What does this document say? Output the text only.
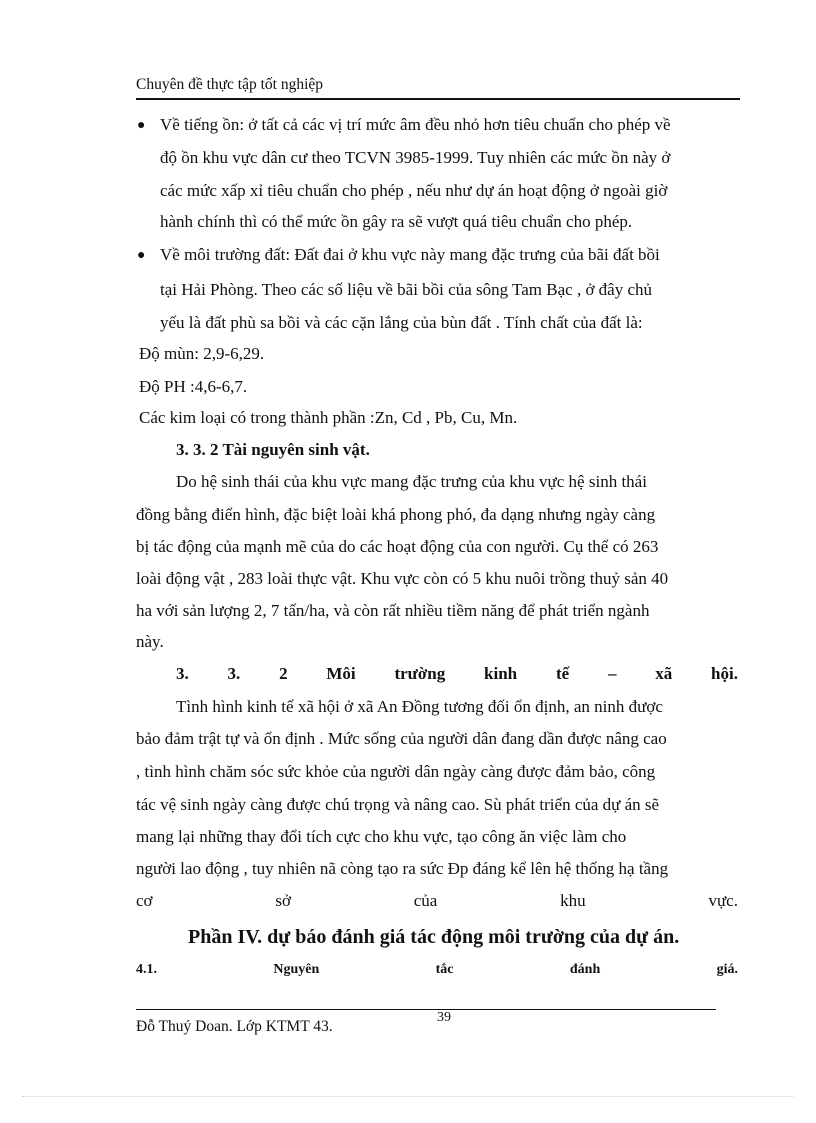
Chuyên đề thực tập tốt nghiệp
● Về tiếng ồn: ở tất cả các vị trí mức âm đều nhỏ hơn tiêu chuẩn cho phép về
độ ồn khu vực dân cư theo TCVN 3985-1999. Tuy nhiên các mức ồn này ở
các mức xấp xỉ tiêu chuẩn cho phép , nếu như dự án hoạt động ở ngoài giờ
hành chính thì có thể mức ồn gây ra sẽ vượt quá tiêu chuẩn cho phép.
● Về môi trường đất: Đất đai ở khu vực này mang đặc trưng của bãi đất bồi
tại Hải Phòng. Theo các số liệu về bãi bồi của sông Tam Bạc , ở đây chủ
yếu là đất phù sa bồi và các cặn lắng của bùn đất . Tính chất của đất là:
Độ mùn: 2,9-6,29.
Độ PH :4,6-6,7.
Các kim loại có trong thành phần :Zn, Cd , Pb, Cu, Mn.
3. 3. 2 Tài nguyên sinh vật.
Do hệ sinh thái của khu vực mang đặc trưng của khu vực hệ sinh thái
đồng bằng điển hình, đặc biệt loài khá phong phó, đa dạng nhưng ngày càng
bị tác động của mạnh mẽ của do các hoạt động của con người. Cụ thể có 263
loài động vật , 283 loài thực vật. Khu vực còn có 5 khu nuôi trồng thuỷ sản 40
ha với sản lượng 2, 7 tấn/ha, và còn rất nhiều tiềm năng để phát triển ngành
này.
3. 3. 2 Môi trường kinh tế – xã hội.
Tình hình kinh tế xã hội ở xã An Đồng tương đối ổn định, an ninh được
bảo đảm trật tự và ổn định . Mức sống của người dân đang dần được nâng cao
, tình hình chăm sóc sức khỏe của người dân ngày càng được đảm bảo, công
tác vệ sinh ngày càng được chú trọng và nâng cao. Sù phát triển của dự án sẽ
mang lại những thay đổi tích cực cho khu vực, tạo công ăn việc làm cho
người lao động , tuy nhiên nã còng tạo ra sức Ðp đáng kể lên hệ thống hạ tầng
cơ	sở	của	khu	vực.
Phần IV. dự báo đánh giá tác động môi trường của dự án.
4.1.	Nguyên	tắc	đánh	giá.
39
Đỗ Thuý Doan. Lớp KTMT 43.
